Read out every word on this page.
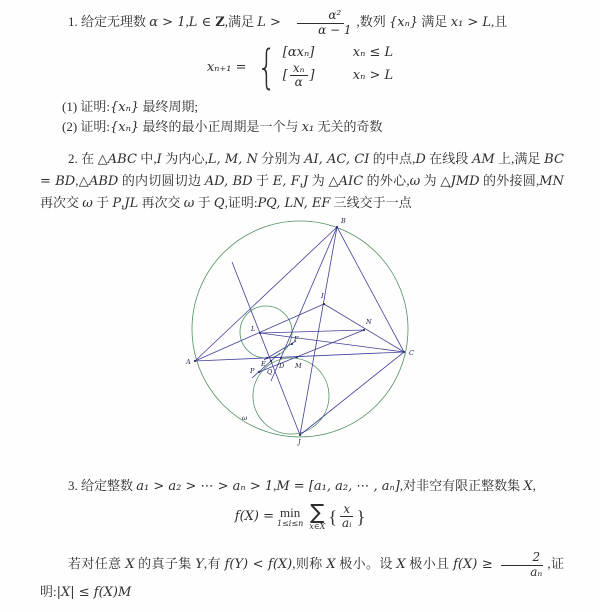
1. 给定无理数 α > 1,L ∈ Z,满足 $L > \frac{\text{α²}}{\alpha - 1}$ ,数列 {xₙ} 满足 x₁ > L,且
xₙ₊₁ = { [αxₙ]	xₙ ≤ L
[ $\frac{\text{xₙ}}{\alpha}$ ]	xₙ > L
(1) 证明:{xₙ} 最终周期;
(2) 证明:{xₙ} 最终的最小正周期是一个与 x₁ 无关的奇数
2. 在 △ABC 中,I 为内心,L, M, N 分别为 AI, AC, CI 的中点,D 在线段 AM 上,满足 BC = BD,△ABD 的内切圆切边 AD, BD 于 E, F,J 为 △AIC 的外心,ω 为 △JMD 的外接圆,MN 再次交 ω 于 P,JL 再次交 ω 于 Q,证明:PQ, LN, EF 三线交于一点
A
B
C
I
J
L
M
N
D
E
F
P Q
ω
3. 给定整数 a₁ > a₂ > ⋯ > aₙ > 1,M = [a₁, a₂, ⋯ , aₙ],对非空有限正整数集 X,
f(X) = min
1≤i≤n ∑
x∈X { $\frac{x}{\text{aᵢ}}$ }
若对任意 X 的真子集 Y,有 f(Y) < f(X),则称 X 极小。设 X 极小且 $f(X) \ge \frac{2}{\text{aₙ}}$ ,证明:|X| ≤ f(X)M
